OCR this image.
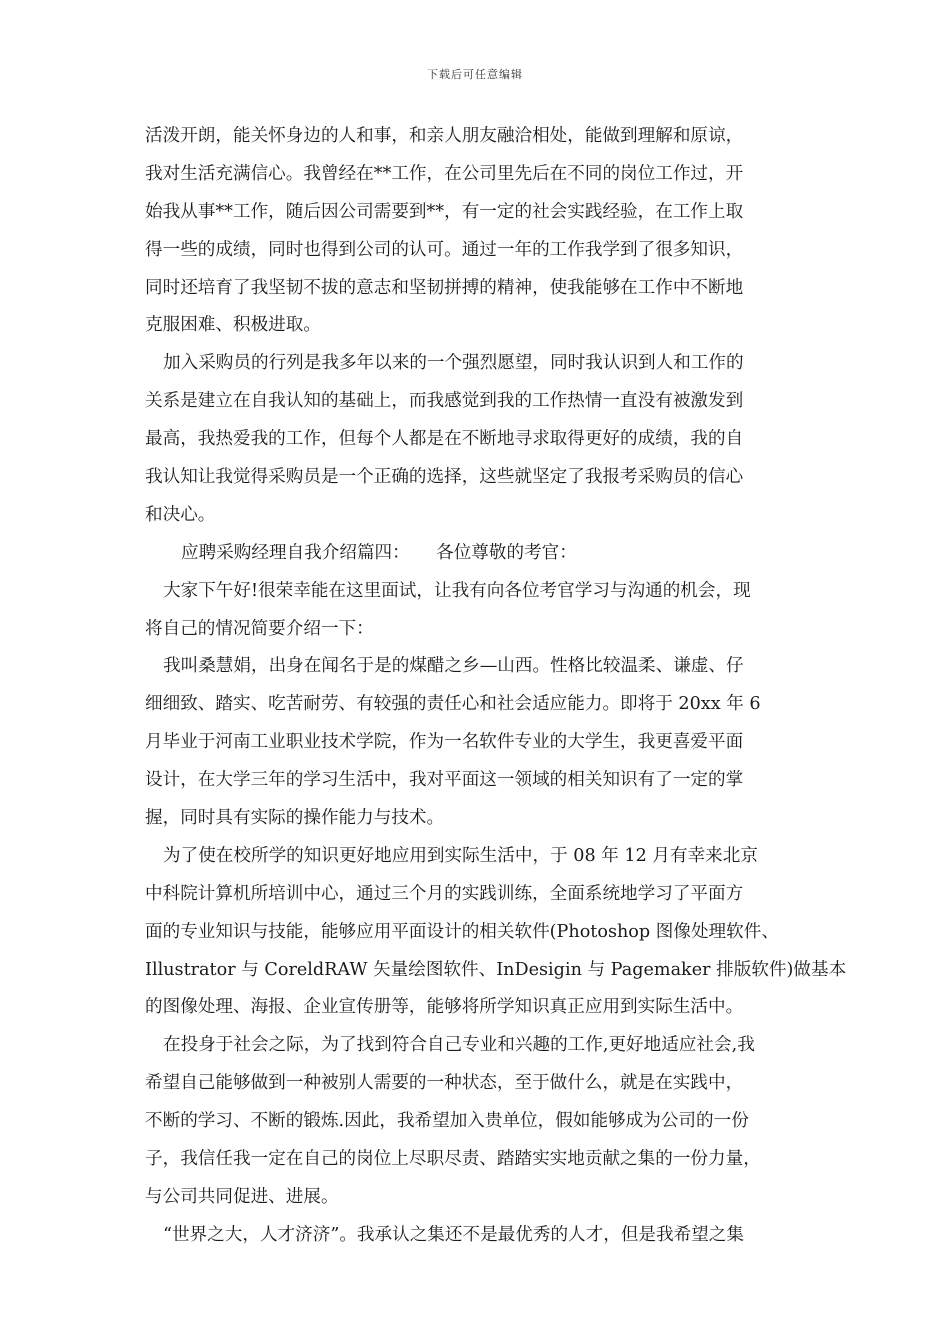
下载后可任意编辑
活泼开朗，能关怀身边的人和事，和亲人朋友融洽相处，能做到理解和原谅，
我对生活充满信心。我曾经在**工作，在公司里先后在不同的岗位工作过，开
始我从事**工作，随后因公司需要到**，有一定的社会实践经验，在工作上取
得一些的成绩，同时也得到公司的认可。通过一年的工作我学到了很多知识，
同时还培育了我坚韧不拔的意志和坚韧拼搏的精神，使我能够在工作中不断地
克服困难、积极进取。
加入采购员的行列是我多年以来的一个强烈愿望，同时我认识到人和工作的
关系是建立在自我认知的基础上，而我感觉到我的工作热情一直没有被激发到
最高，我热爱我的工作，但每个人都是在不断地寻求取得更好的成绩，我的自
我认知让我觉得采购员是一个正确的选择，这些就坚定了我报考采购员的信心
和决心。
应聘采购经理自我介绍篇四：　　各位尊敬的考官：
大家下午好!很荣幸能在这里面试，让我有向各位考官学习与沟通的机会，现
将自己的情况简要介绍一下：
我叫桑慧娟，出身在闻名于是的煤醋之乡—山西。性格比较温柔、谦虚、仔
细细致、踏实、吃苦耐劳、有较强的责任心和社会适应能力。即将于 20xx 年 6
月毕业于河南工业职业技术学院，作为一名软件专业的大学生，我更喜爱平面
设计，在大学三年的学习生活中，我对平面这一领域的相关知识有了一定的掌
握，同时具有实际的操作能力与技术。
为了使在校所学的知识更好地应用到实际生活中，于 08 年 12 月有幸来北京
中科院计算机所培训中心，通过三个月的实践训练，全面系统地学习了平面方
面的专业知识与技能，能够应用平面设计的相关软件(Photoshop 图像处理软件、
Illustrator 与 CoreldRAW 矢量绘图软件、InDesigin 与 Pagemaker 排版软件)做基本
的图像处理、海报、企业宣传册等，能够将所学知识真正应用到实际生活中。
在投身于社会之际，为了找到符合自己专业和兴趣的工作,更好地适应社会,我
希望自己能够做到一种被别人需要的一种状态，至于做什么，就是在实践中，
不断的学习、不断的锻炼.因此，我希望加入贵单位，假如能够成为公司的一份
子，我信任我一定在自己的岗位上尽职尽责、踏踏实实地贡献之集的一份力量，
与公司共同促进、进展。
“世界之大，人才济济”。我承认之集还不是最优秀的人才，但是我希望之集
